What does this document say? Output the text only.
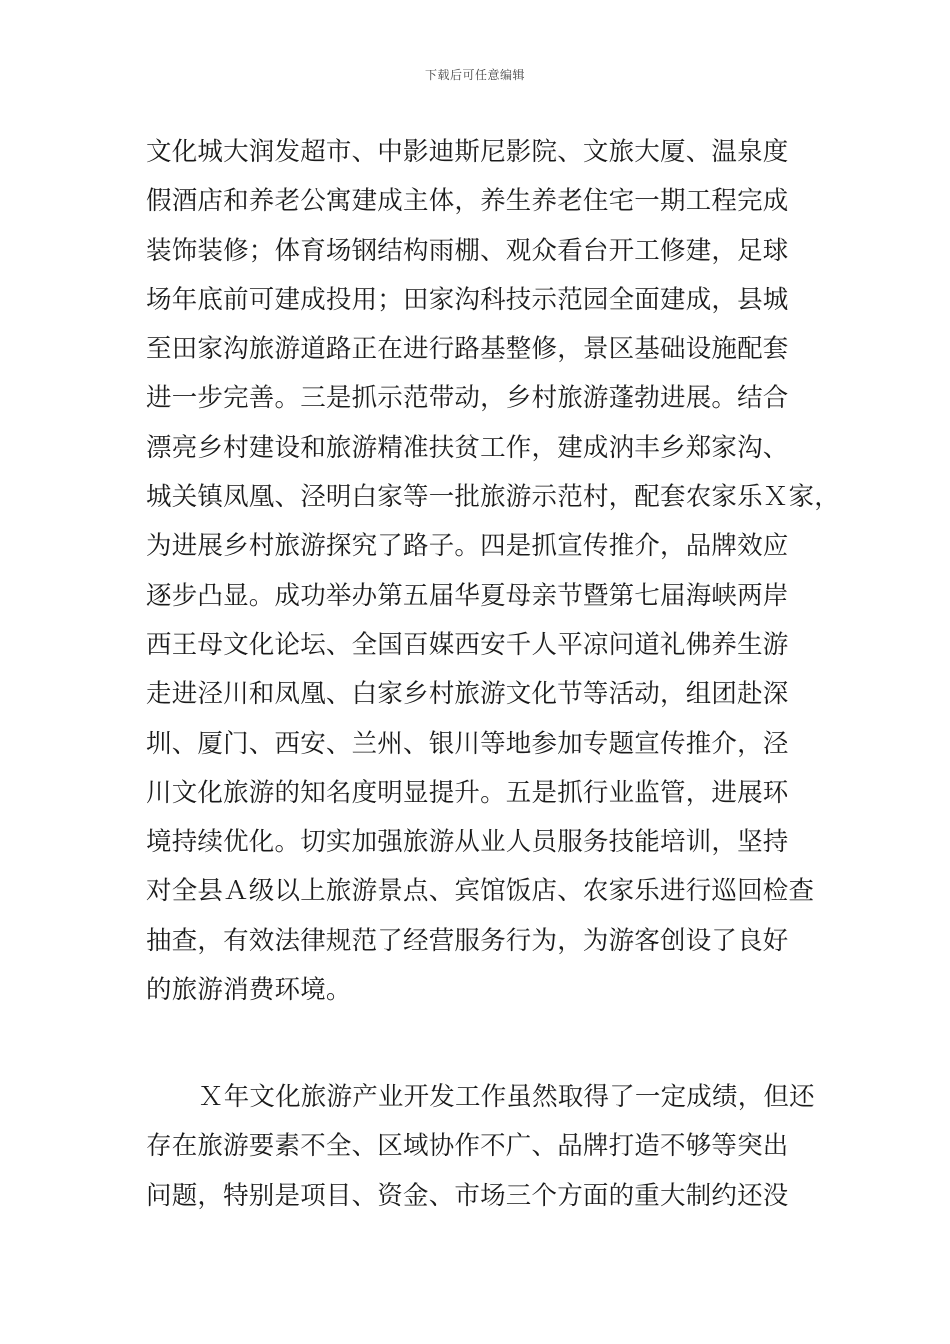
下载后可任意编辑
文化城大润发超市、中影迪斯尼影院、文旅大厦、温泉度
假酒店和养老公寓建成主体，养生养老住宅一期工程完成
装饰装修；体育场钢结构雨棚、观众看台开工修建，足球
场年底前可建成投用；田家沟科技示范园全面建成，县城
至田家沟旅游道路正在进行路基整修，景区基础设施配套
进一步完善。三是抓示范带动，乡村旅游蓬勃进展。结合
漂亮乡村建设和旅游精准扶贫工作，建成汭丰乡郑家沟、
城关镇凤凰、泾明白家等一批旅游示范村，配套农家乐Ｘ家，
为进展乡村旅游探究了路子。四是抓宣传推介，品牌效应
逐步凸显。成功举办第五届华夏母亲节暨第七届海峡两岸
西王母文化论坛、全国百媒西安千人平凉问道礼佛养生游
走进泾川和凤凰、白家乡村旅游文化节等活动，组团赴深
圳、厦门、西安、兰州、银川等地参加专题宣传推介，泾
川文化旅游的知名度明显提升。五是抓行业监管，进展环
境持续优化。切实加强旅游从业人员服务技能培训，坚持
对全县Ａ级以上旅游景点、宾馆饭店、农家乐进行巡回检查
抽查，有效法律规范了经营服务行为，为游客创设了良好
的旅游消费环境。
Ｘ年文化旅游产业开发工作虽然取得了一定成绩，但还
存在旅游要素不全、区域协作不广、品牌打造不够等突出
问题，特别是项目、资金、市场三个方面的重大制约还没
